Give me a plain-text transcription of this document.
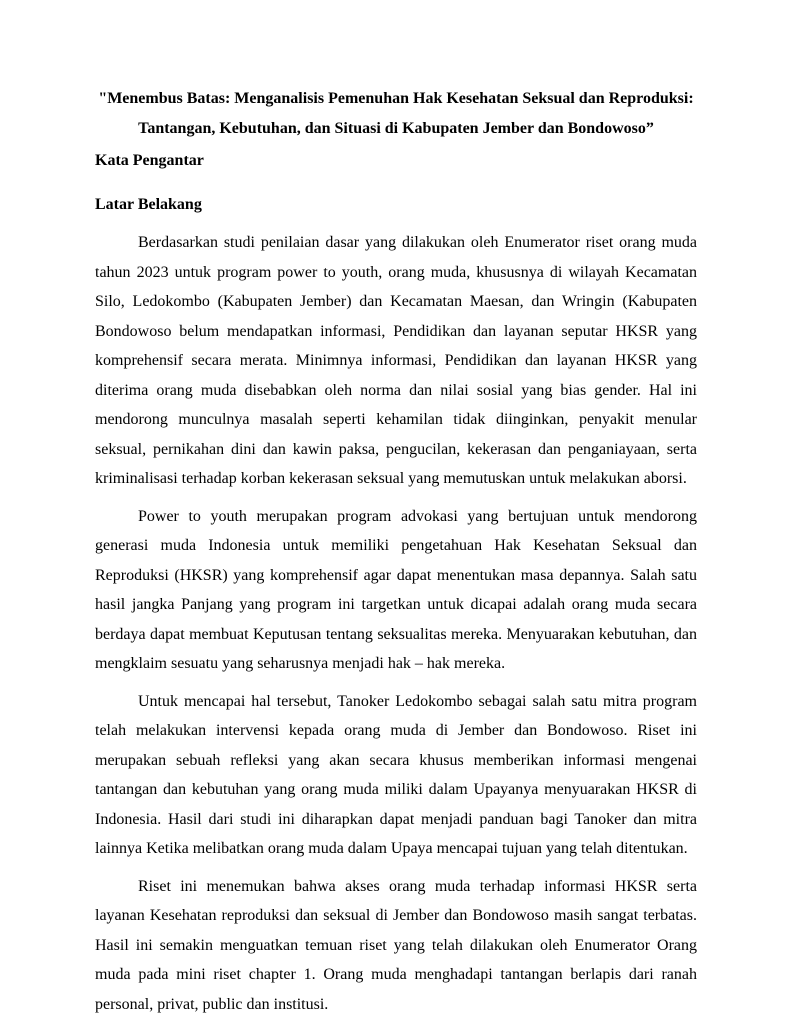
"Menembus Batas: Menganalisis Pemenuhan Hak Kesehatan Seksual dan Reproduksi:
Tantangan, Kebutuhan, dan Situasi di Kabupaten Jember dan Bondowoso”
Kata Pengantar
Latar Belakang

Berdasarkan studi penilaian dasar yang dilakukan oleh Enumerator riset orang muda tahun 2023 untuk program power to youth, orang muda, khususnya di wilayah Kecamatan Silo, Ledokombo (Kabupaten Jember) dan Kecamatan Maesan, dan Wringin (Kabupaten Bondowoso belum mendapatkan informasi, Pendidikan dan layanan seputar HKSR yang komprehensif secara merata. Minimnya informasi, Pendidikan dan layanan HKSR yang diterima orang muda disebabkan oleh norma dan nilai sosial yang bias gender. Hal ini mendorong munculnya masalah seperti kehamilan tidak diinginkan, penyakit menular seksual, pernikahan dini dan kawin paksa, pengucilan, kekerasan dan penganiayaan, serta kriminalisasi terhadap korban kekerasan seksual yang memutuskan untuk melakukan aborsi.

Power to youth merupakan program advokasi yang bertujuan untuk mendorong generasi muda Indonesia untuk memiliki pengetahuan Hak Kesehatan Seksual dan Reproduksi (HKSR) yang komprehensif agar dapat menentukan masa depannya. Salah satu hasil jangka Panjang yang program ini targetkan untuk dicapai adalah orang muda secara berdaya dapat membuat Keputusan tentang seksualitas mereka. Menyuarakan kebutuhan, dan mengklaim sesuatu yang seharusnya menjadi hak – hak mereka.

Untuk mencapai hal tersebut, Tanoker Ledokombo sebagai salah satu mitra program telah melakukan intervensi kepada orang muda di Jember dan Bondowoso. Riset ini merupakan sebuah refleksi yang akan secara khusus memberikan informasi mengenai tantangan dan kebutuhan yang orang muda miliki dalam Upayanya menyuarakan HKSR di Indonesia. Hasil dari studi ini diharapkan dapat menjadi panduan bagi Tanoker dan mitra lainnya Ketika melibatkan orang muda dalam Upaya mencapai tujuan yang telah ditentukan.

Riset ini menemukan bahwa akses orang muda terhadap informasi HKSR serta layanan Kesehatan reproduksi dan seksual di Jember dan Bondowoso masih sangat terbatas. Hasil ini semakin menguatkan temuan riset yang telah dilakukan oleh Enumerator Orang muda pada mini riset chapter 1. Orang muda menghadapi tantangan berlapis dari ranah personal, privat, public dan institusi.
